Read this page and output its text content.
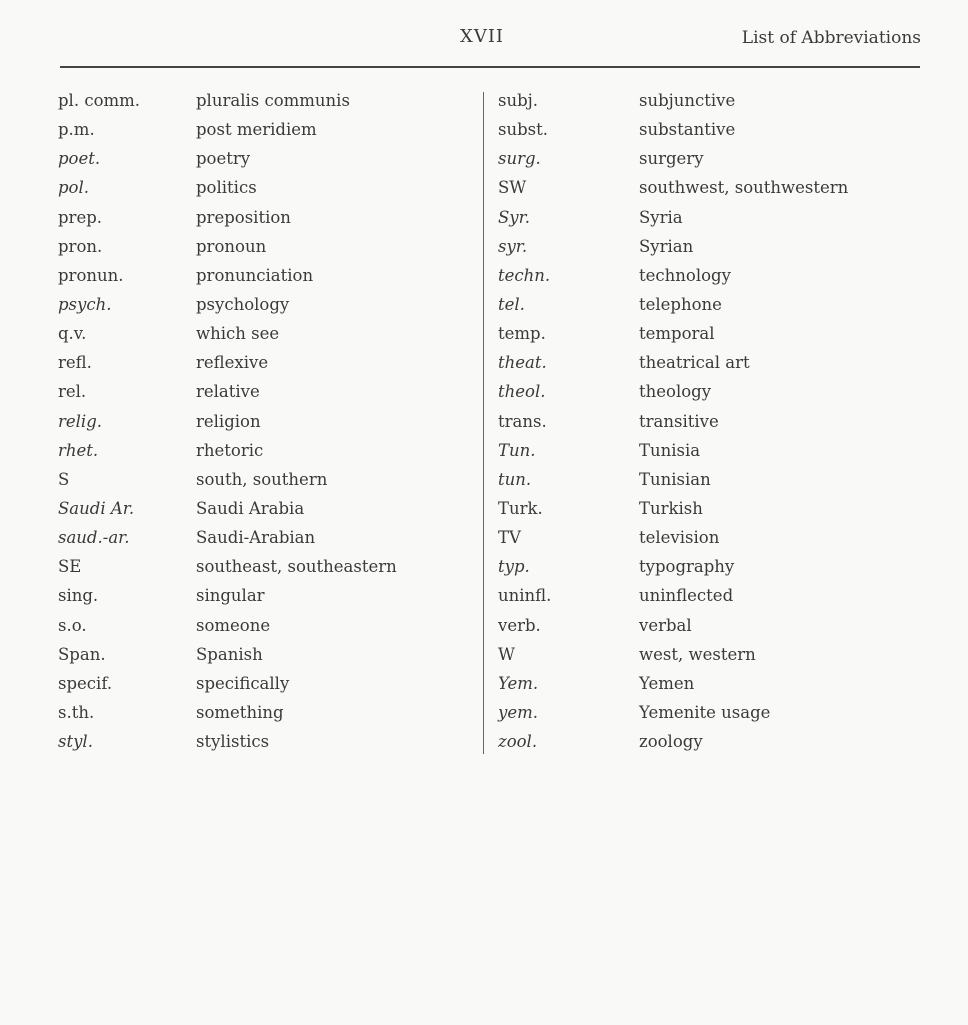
XVII	List of Abbreviations
pl. comm.	pluralis communis
p.m.	post meridiem
poet.	poetry
pol.	politics
prep.	preposition
pron.	pronoun
pronun.	pronunciation
psych.	psychology
q.v.	which see
refl.	reflexive
rel.	relative
relig.	religion
rhet.	rhetoric
S	south, southern
Saudi Ar.	Saudi Arabia
saud.-ar.	Saudi-Arabian
SE	southeast, southeastern
sing.	singular
s.o.	someone
Span.	Spanish
specif.	specifically
s.th.	something
styl.	stylistics
subj.	subjunctive
subst.	substantive
surg.	surgery
SW	southwest, southwestern
Syr.	Syria
syr.	Syrian
techn.	technology
tel.	telephone
temp.	temporal
theat.	theatrical art
theol.	theology
trans.	transitive
Tun.	Tunisia
tun.	Tunisian
Turk.	Turkish
TV	television
typ.	typography
uninfl.	uninflected
verb.	verbal
W	west, western
Yem.	Yemen
yem.	Yemenite usage
zool.	zoology
